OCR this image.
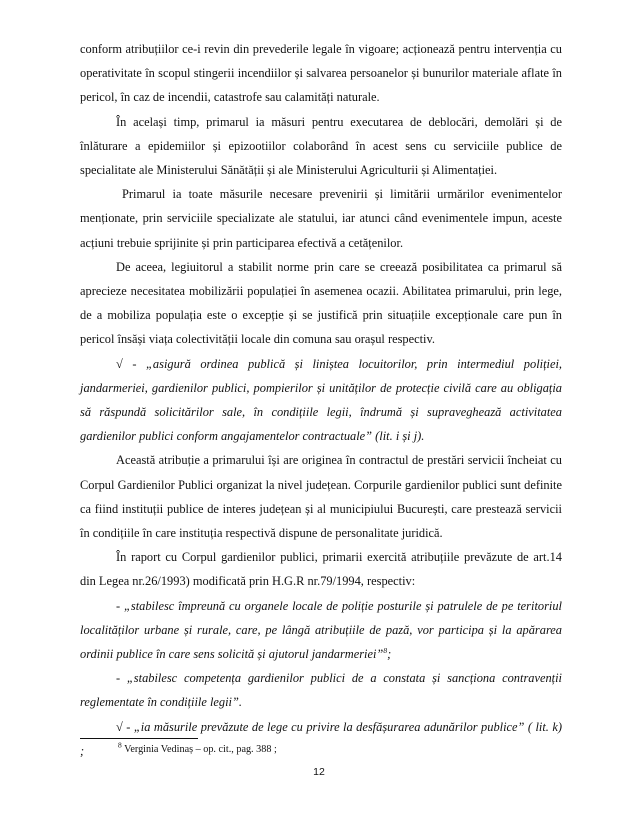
conform atribuțiilor ce-i revin din prevederile legale în vigoare; acționează pentru intervenția cu operativitate în scopul stingerii incendiilor și salvarea persoanelor și bunurilor materiale aflate în pericol, în caz de incendii, catastrofe sau calamități naturale.

În același timp, primarul ia măsuri pentru executarea de deblocări, demolări și de înlăturare a epidemiilor și epizootiilor colaborând în acest sens cu serviciile publice de specialitate ale Ministerului Sănătății și ale Ministerului Agriculturii și Alimentației.

Primarul ia toate măsurile necesare prevenirii și limitării urmărilor evenimentelor menționate, prin serviciile specializate ale statului, iar atunci când evenimentele impun, aceste acțiuni trebuie sprijinite și prin participarea efectivă a cetățenilor.

De aceea, legiuitorul a stabilit norme prin care se creează posibilitatea ca primarul să aprecieze necesitatea mobilizării populației în asemenea ocazii. Abilitatea primarului, prin lege, de a mobiliza populația este o excepție și se justifică prin situațiile excepționale care pun în pericol însăși viața colectivității locale din comuna sau orașul respectiv.

√ - „asigură ordinea publică și liniștea locuitorilor, prin intermediul poliției, jandarmeriei, gardienilor publici, pompierilor și unităților de protecție civilă care au obligația să răspundă solicitărilor sale, în condițiile legii, îndrumă și supraveghează activitatea gardienilor publici conform angajamentelor contractuale” (lit. i și j).

Această atribuție a primarului își are originea în contractul de prestări servicii încheiat cu Corpul Gardienilor Publici organizat la nivel județean. Corpurile gardienilor publici sunt definite ca fiind instituții publice de interes județean și al municipiului București, care prestează servicii în condițiile în care instituția respectivă dispune de personalitate juridică.

În raport cu Corpul gardienilor publici, primarii exercită atribuțiile prevăzute de art.14 din Legea nr.26/1993) modificată prin H.G.R nr.79/1994, respectiv:

- „stabilesc împreună cu organele locale de poliție posturile și patrulele de pe teritoriul localităților urbane și rurale, care, pe lângă atribuțiile de pază, vor participa și la apărarea ordinii publice în care sens solicită și ajutorul jandarmeriei”$^8$;

- „stabilesc competența gardienilor publici de a constata și sancționa contravenții reglementate în condițiile legii”.

√ - „ia măsurile prevăzute de lege cu privire la desfășurarea adunărilor publice” ( lit. k) ;	$^8$ Verginia Vedinaș – op. cit., pag. 388 ;
12
